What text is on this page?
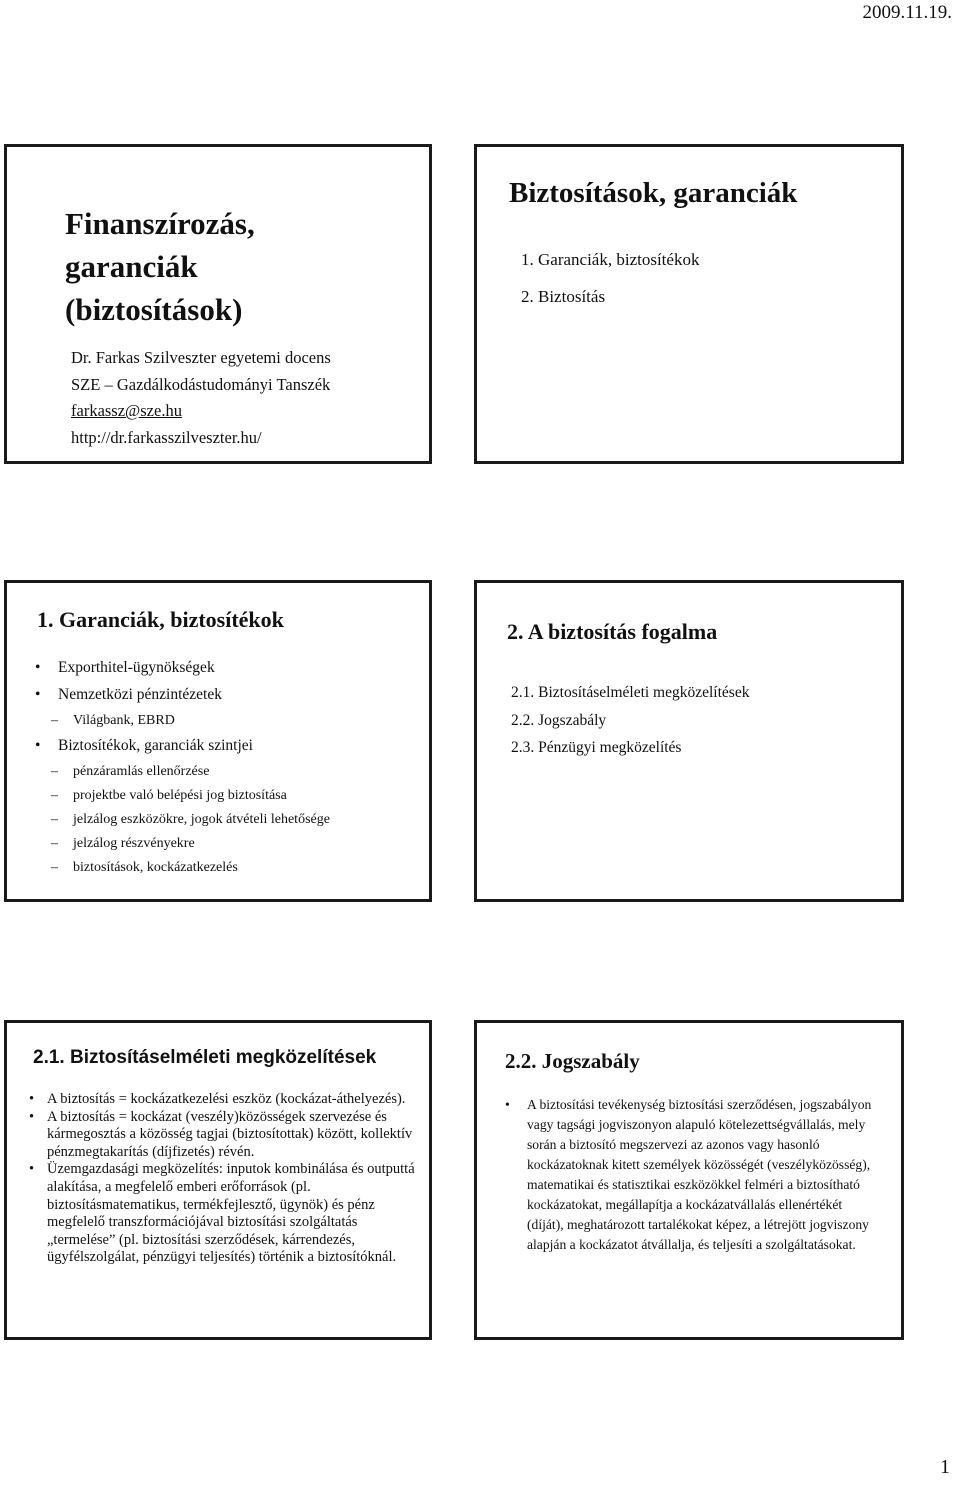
2009.11.19.
Finanszírozás, garanciák (biztosítások)
Dr. Farkas Szilveszter egyetemi docens
SZE – Gazdálkodástudományi Tanszék
farkassz@sze.hu
http://dr.farkasszilveszter.hu/
Biztosítások, garanciák
1. Garanciák, biztosítékok
2. Biztosítás
1. Garanciák, biztosítékok
• Exporthitel-ügynökségek
• Nemzetközi pénzintézetek
– Világbank, EBRD
• Biztosítékok, garanciák szintjei
– pénzáramlás ellenőrzése
– projektbe való belépési jog biztosítása
– jelzálog eszközökre, jogok átvételi lehetősége
– jelzálog részvényekre
– biztosítások, kockázatkezelés
2. A biztosítás fogalma
2.1. Biztosításelméleti megközelítések
2.2. Jogszabály
2.3. Pénzügyi megközelítés
2.1. Biztosításelméleti megközelítések
• A biztosítás = kockázatkezelési eszköz (kockázat-áthelyezés).
• A biztosítás = kockázat (veszély)közösségek szervezése és kármegosztás a közösség tagjai (biztosítottak) között, kollektív pénzmegtakarítás (díjfizetés) révén.
• Üzemgazdasági megközelítés: inputok kombinálása és outputtá alakítása, a megfelelő emberi erőforrások (pl. biztosításmatematikus, termékfejlesztő, ügynök) és pénz megfelelő transzformációjával biztosítási szolgáltatás „termelése” (pl. biztosítási szerződések, kárrendezés, ügyfélszolgálat, pénzügyi teljesítés) történik a biztosítóknál.
2.2. Jogszabály
• A biztosítási tevékenység biztosítási szerződésen, jogszabályon vagy tagsági jogviszonyon alapuló kötelezettségvállalás, mely során a biztosító megszervezi az azonos vagy hasonló kockázatoknak kitett személyek közösségét (veszélyközösség), matematikai és statisztikai eszközökkel felméri a biztosítható kockázatokat, megállapítja a kockázatvállalás ellenértékét (díját), meghatározott tartalékokat képez, a létrejött jogviszony alapján a kockázatot átvállalja, és teljesíti a szolgáltatásokat.
1
